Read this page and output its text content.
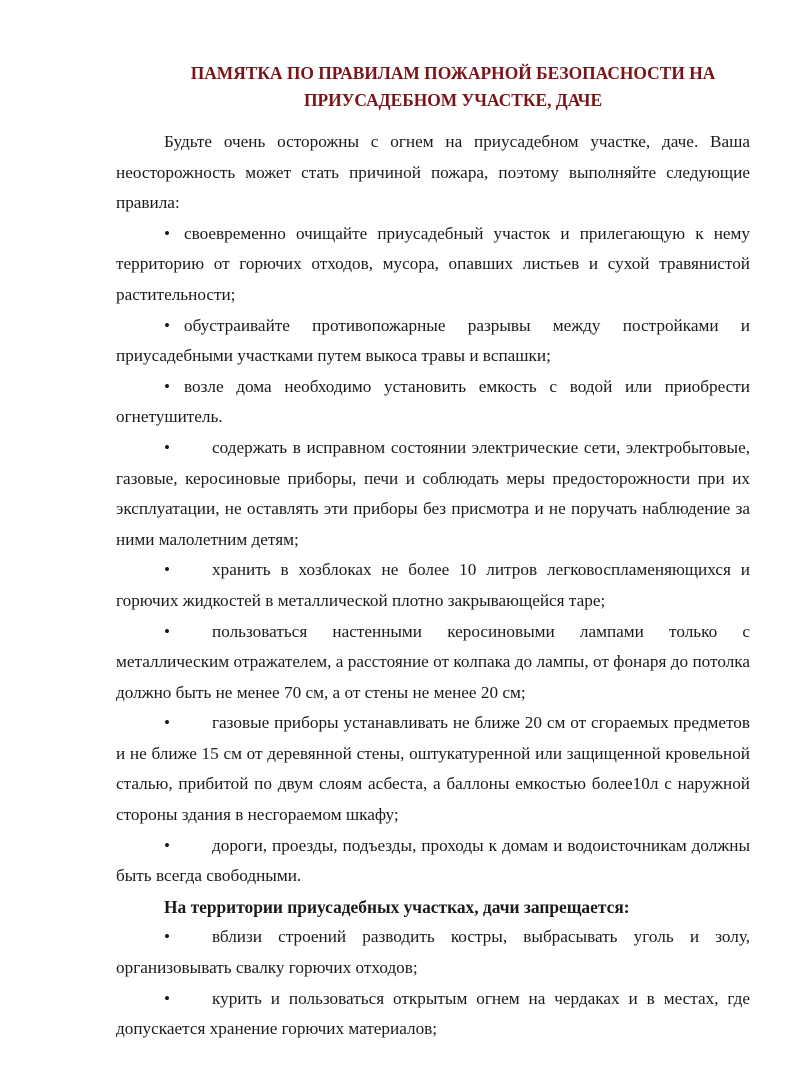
ПАМЯТКА ПО ПРАВИЛАМ ПОЖАРНОЙ БЕЗОПАСНОСТИ НА
ПРИУСАДЕБНОМ УЧАСТКЕ, ДАЧЕ

Будьте очень осторожны с огнем на приусадебном участке, даче. Ваша неосторожность может стать причиной пожара, поэтому выполняйте следующие правила:

• своевременно очищайте приусадебный участок и прилегающую к нему территорию от горючих отходов, мусора, опавших листьев и сухой травянистой растительности;

• обустраивайте противопожарные разрывы между постройками и приусадебными участками путем выкоса травы и вспашки;

• возле дома необходимо установить емкость с водой или приобрести огнетушитель.

• содержать в исправном состоянии электрические сети, электробытовые, газовые, керосиновые приборы, печи и соблюдать меры предосторожности при их эксплуатации, не оставлять эти приборы без присмотра и не поручать наблюдение за ними малолетним детям;

• хранить в хозблоках не более 10 литров легковоспламеняющихся и горючих жидкостей в металлической плотно закрывающейся таре;

• пользоваться настенными керосиновыми лампами только с металлическим отражателем, а расстояние от колпака до лампы, от фонаря до потолка должно быть не менее 70 см, а от стены не менее 20 см;

• газовые приборы устанавливать не ближе 20 см от сгораемых предметов и не ближе 15 см от деревянной стены, оштукатуренной или защищенной кровельной сталью, прибитой по двум слоям асбеста, а баллоны емкостью более10л с наружной стороны здания в несгораемом шкафу;

• дороги, проезды, подъезды, проходы к домам и водоисточникам должны быть всегда свободными.

На территории приусадебных участках, дачи запрещается:

• вблизи строений разводить костры, выбрасывать уголь и золу, организовывать свалку горючих отходов;

• курить и пользоваться открытым огнем на чердаках и в местах, где допускается хранение горючих материалов;
